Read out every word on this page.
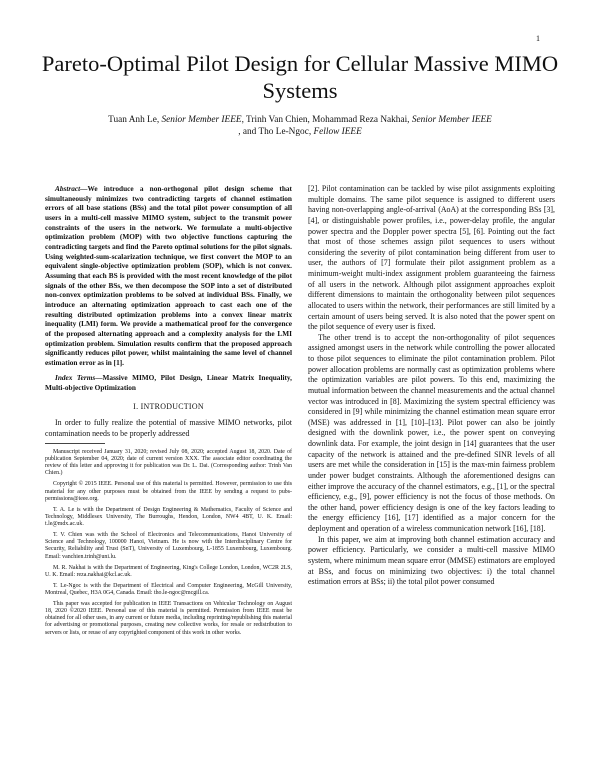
1
Pareto-Optimal Pilot Design for Cellular Massive MIMO Systems
Tuan Anh Le, Senior Member IEEE, Trinh Van Chien, Mohammad Reza Nakhai, Senior Member IEEE
, and Tho Le-Ngoc, Fellow IEEE

Abstract—We introduce a non-orthogonal pilot design scheme that simultaneously minimizes two contradicting targets of channel estimation errors of all base stations (BSs) and the total pilot power consumption of all users in a multi-cell massive MIMO system, subject to the transmit power constraints of the users in the network. We formulate a multi-objective optimization problem (MOP) with two objective functions capturing the contradicting targets and find the Pareto optimal solutions for the pilot signals. Using weighted-sum-scalarization technique, we first convert the MOP to an equivalent single-objective optimization problem (SOP), which is not convex. Assuming that each BS is provided with the most recent knowledge of the pilot signals of the other BSs, we then decompose the SOP into a set of distributed non-convex optimization problems to be solved at individual BSs. Finally, we introduce an alternating optimization approach to cast each one of the resulting distributed optimization problems into a convex linear matrix inequality (LMI) form. We provide a mathematical proof for the convergence of the proposed alternating approach and a complexity analysis for the LMI optimization problem. Simulation results confirm that the proposed approach significantly reduces pilot power, whilst maintaining the same level of channel estimation error as in [1].

Index Terms—Massive MIMO, Pilot Design, Linear Matrix Inequality, Multi-objective Optimization

I. INTRODUCTION

In order to fully realize the potential of massive MIMO networks, pilot contamination needs to be properly addressed

Manuscript received January 31, 2020; revised July 08, 2020; accepted August 18, 2020. Date of publication September 04, 2020; date of current version XXX. The associate editor coordinating the review of this letter and approving it for publication was Dr. L. Dai. (Corresponding author: Trinh Van Chien.)

Copyright © 2015 IEEE. Personal use of this material is permitted. However, permission to use this material for any other purposes must be obtained from the IEEE by sending a request to pubs-permissions@ieee.org.

T. A. Le is with the Department of Design Engineering & Mathematics, Faculty of Science and Technology, Middlesex University, The Burroughs, Hendon, London, NW4 4BT, U. K. Email: t.le@mdx.ac.uk.

T. V. Chien was with the School of Electronics and Telecommunications, Hanoi University of Science and Technology, 100000 Hanoi, Vietnam. He is now with the Interdisciplinary Centre for Security, Reliability and Trust (SnT), University of Luxembourg, L-1855 Luxembourg, Luxembourg. Email: vanchien.trinh@uni.lu.

M. R. Nakhai is with the Department of Engineering, King's College London, London, WC2R 2LS, U. K. Email: reza.nakhai@kcl.ac.uk.

T. Le-Ngoc is with the Department of Electrical and Computer Engineering, McGill University, Montreal, Quebec, H3A 0G4, Canada. Email: tho.le-ngoc@mcgill.ca.

This paper was accepted for publication in IEEE Transactions on Vehicular Technology on August 18, 2020 ©2020 IEEE. Personal use of this material is permitted. Permission from IEEE must be obtained for all other uses, in any current or future media, including reprinting/republishing this material for advertising or promotional purposes, creating new collective works, for resale or redistribution to servers or lists, or reuse of any copyrighted component of this work in other works.

[2]. Pilot contamination can be tackled by wise pilot assignments exploiting multiple domains. The same pilot sequence is assigned to different users having non-overlapping angle-of-arrival (AoA) at the corresponding BSs [3], [4], or distinguishable power profiles, i.e., power-delay profile, the angular power spectra and the Doppler power spectra [5], [6]. Pointing out the fact that most of those schemes assign pilot sequences to users without considering the severity of pilot contamination being different from user to user, the authors of [7] formulate their pilot assignment problem as a minimum-weight multi-index assignment problem guaranteeing the fairness of all users in the network. Although pilot assignment approaches exploit different dimensions to maintain the orthogonality between pilot sequences allocated to users within the network, their performances are still limited by a certain amount of users being served. It is also noted that the power spent on the pilot sequence of every user is fixed.

The other trend is to accept the non-orthogonality of pilot sequences assigned amongst users in the network while controlling the power allocated to those pilot sequences to eliminate the pilot contamination problem. Pilot power allocation problems are normally cast as optimization problems where the optimization variables are pilot powers. To this end, maximizing the mutual information between the channel measurements and the actual channel vector was introduced in [8]. Maximizing the system spectral efficiency was considered in [9] while minimizing the channel estimation mean square error (MSE) was addressed in [1], [10]–[13]. Pilot power can also be jointly designed with the downlink power, i.e., the power spent on conveying downlink data. For example, the joint design in [14] guarantees that the user capacity of the network is attained and the pre-defined SINR levels of all users are met while the consideration in [15] is the max-min fairness problem under power budget constraints. Although the aforementioned designs can either improve the accuracy of the channel estimators, e.g., [1], or the spectral efficiency, e.g., [9], power efficiency is not the focus of those methods. On the other hand, power efficiency design is one of the key factors leading to the energy efficiency [16], [17] identified as a major concern for the deployment and operation of a wireless communication network [16], [18].

In this paper, we aim at improving both channel estimation accuracy and power efficiency. Particularly, we consider a multi-cell massive MIMO system, where minimum mean square error (MMSE) estimators are employed at BSs, and focus on minimizing two objectives: i) the total channel estimation errors at BSs; ii) the total pilot power consumed
